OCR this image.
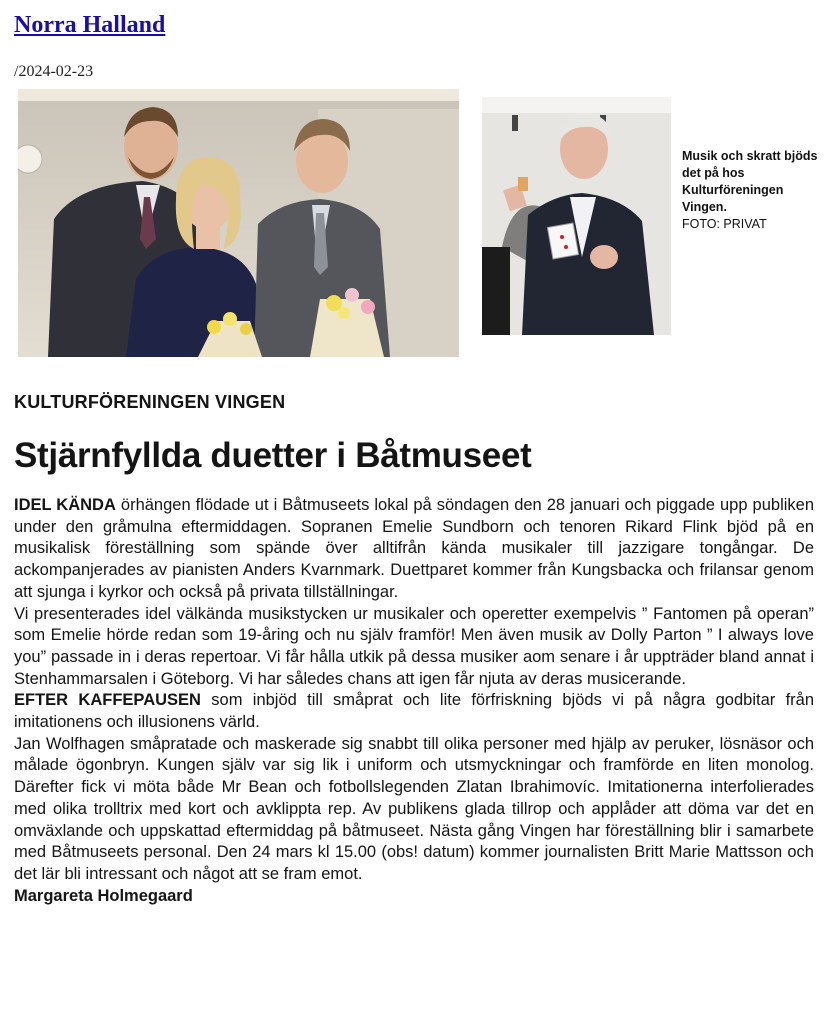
Norra Halland
/2024-02-23
Musik och skratt bjöds det på hos Kulturföreningen Vingen.
FOTO: PRIVAT
KULTURFÖRENINGEN VINGEN
Stjärnfyllda duetter i Båtmuseet

IDEL KÄNDA örhängen flödade ut i Båtmuseets lokal på söndagen den 28 januari och piggade upp publiken under den gråmulna eftermiddagen. Sopranen Emelie Sundborn och tenoren Rikard Flink bjöd på en musikalisk föreställning som spände över alltifrån kända musikaler till jazzigare tongångar. De ackompanjerades av pianisten Anders Kvarnmark. Duettparet kommer från Kungsbacka och frilansar genom att sjunga i kyrkor och också på privata tillställningar.

Vi presenterades idel välkända musikstycken ur musikaler och operetter exempelvis ” Fantomen på operan” som Emelie hörde redan som 19-åring och nu själv framför! Men även musik av Dolly Parton ” I always love you” passade in i deras repertoar. Vi får hålla utkik på dessa musiker aom senare i år uppträder bland annat i Stenhammarsalen i Göteborg. Vi har således chans att igen får njuta av deras musicerande.

EFTER KAFFEPAUSEN som inbjöd till småprat och lite förfriskning bjöds vi på några godbitar från imitationens och illusionens värld.

Jan Wolfhagen småpratade och maskerade sig snabbt till olika personer med hjälp av peruker, lösnäsor och målade ögonbryn. Kungen själv var sig lik i uniform och utsmyckningar och framförde en liten monolog. Därefter fick vi möta både Mr Bean och fotbollslegenden Zlatan Ibrahimovíc. Imitationerna interfolierades med olika trolltrix med kort och avklippta rep. Av publikens glada tillrop och applåder att döma var det en omväxlande och uppskattad eftermiddag på båtmuseet. Nästa gång Vingen har föreställning blir i samarbete med Båtmuseets personal. Den 24 mars kl 15.00 (obs! datum) kommer journalisten Britt Marie Mattsson och det lär bli intressant och något att se fram emot.

Margareta Holmegaard
